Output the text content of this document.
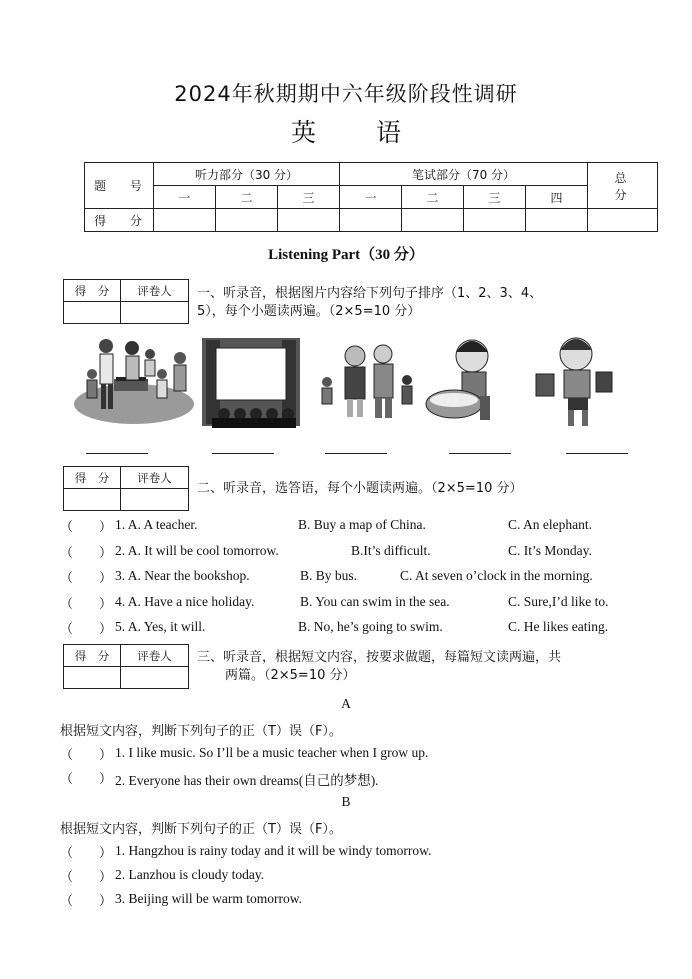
2024年秋期期中六年级阶段性调研
英 语
题 号	听力部分（30 分）			笔试部分（70 分）				总 分
	一	二	三	一	二	三	四	
得 分								
Listening Part（30 分）
得　分	评卷人
	一、听录音，根据图片内容给下列句子排序（1、2、3、4、
5），每个小题读两遍。（2×5=10 分）
得　分	评卷人

二、听录音，选答语，每个小题读两遍。（2×5=10 分）
（　　） 1. A. A teacher.	B. Buy a map of China.	C. An elephant.
（　　） 2. A. It will be cool tomorrow.	B.It’s difficult.	C. It’s Monday.
（　　） 3. A. Near the bookshop.	B. By bus.	C. At seven o’clock in the morning.
（　　） 4. A. Have a nice holiday.	B. You can swim in the sea.	C. Sure,I’d like to.
（　　） 5. A. Yes, it will.	B. No, he’s going to swim.	C. He likes eating.
得　分	评卷人
	三、听录音，根据短文内容，按要求做题，每篇短文读两遍，共
两篇。（2×5=10 分）
A
根据短文内容，判断下列句子的正（T）误（F）。
（　　） 1. I like music. So I’ll be a music teacher when I grow up.
（　　） 2. Everyone has their own dreams(自己的梦想).
B
根据短文内容，判断下列句子的正（T）误（F）。
（　　） 1. Hangzhou is rainy today and it will be windy tomorrow.
（　　） 2. Lanzhou is cloudy today.
（　　） 3. Beijing will be warm tomorrow.
